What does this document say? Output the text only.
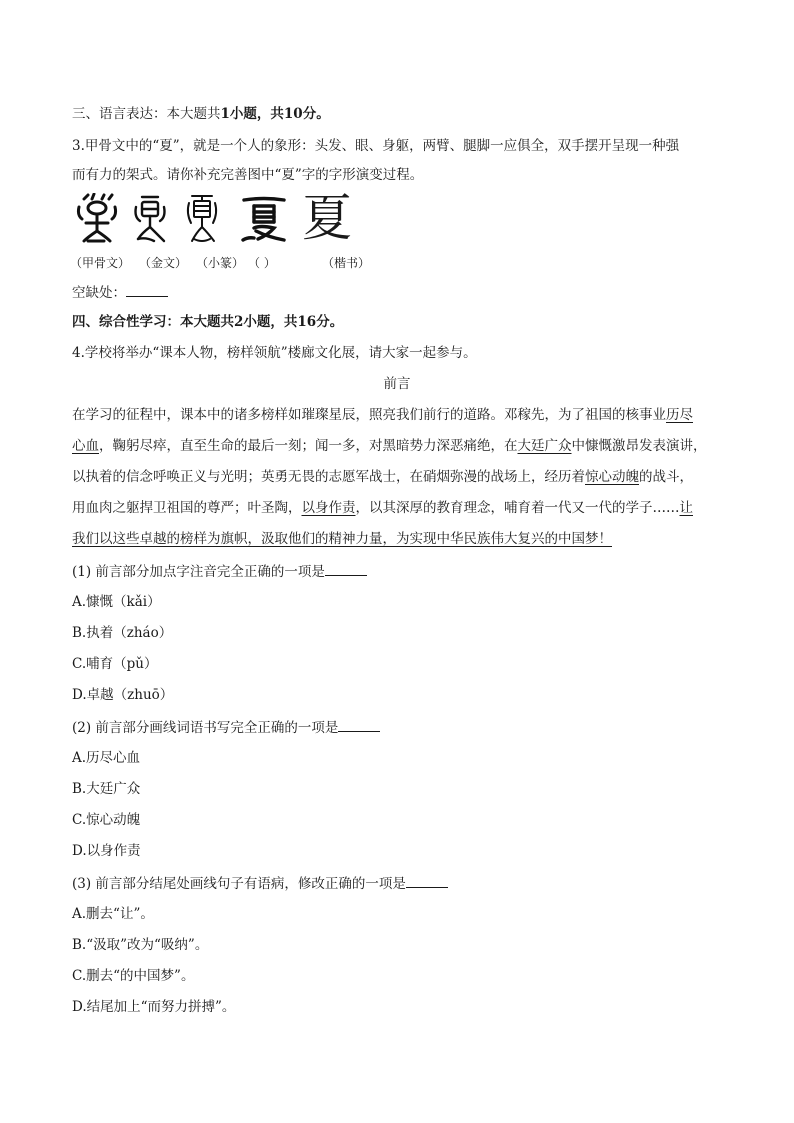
三、语言表达：本大题共1小题，共10分。
3.甲骨文中的“夏”，就是一个人的象形：头发、眼、身躯，两臂、腿脚一应俱全，双手摆开呈现一种强
而有力的架式。请你补充完善图中“夏”字的字形演变过程。
夏
（甲骨文） （金文） （小篆） （ ）	（楷书）
空缺处：
四、综合性学习：本大题共2小题，共16分。
4.学校将举办“课本人物，榜样领航”楼廊文化展，请大家一起参与。
前言
在学习的征程中，课本中的诸多榜样如璀璨星辰，照亮我们前行的道路。邓稼先，为了祖国的核事业历尽
心血，鞠躬尽瘁，直至生命的最后一刻；闻一多，对黑暗势力深恶痛绝，在大廷广众中慷慨激昂发表演讲，
以执着的信念呼唤正义与光明；英勇无畏的志愿军战士，在硝烟弥漫的战场上，经历着惊心动魄的战斗，
用血肉之躯捍卫祖国的尊严；叶圣陶，以身作责，以其深厚的教育理念，哺育着一代又一代的学子……让
我们以这些卓越的榜样为旗帜，汲取他们的精神力量，为实现中华民族伟大复兴的中国梦！
(1) 前言部分加点字注音完全正确的一项是
A.慷慨（kǎi）
B.执着（zháo）
C.哺育（pǔ）
D.卓越（zhuō）
(2) 前言部分画线词语书写完全正确的一项是
A.历尽心血
B.大廷广众
C.惊心动魄
D.以身作责
(3) 前言部分结尾处画线句子有语病，修改正确的一项是
A.删去“让”。
B.“汲取”改为“吸纳”。
C.删去“的中国梦”。
D.结尾加上“而努力拼搏”。
